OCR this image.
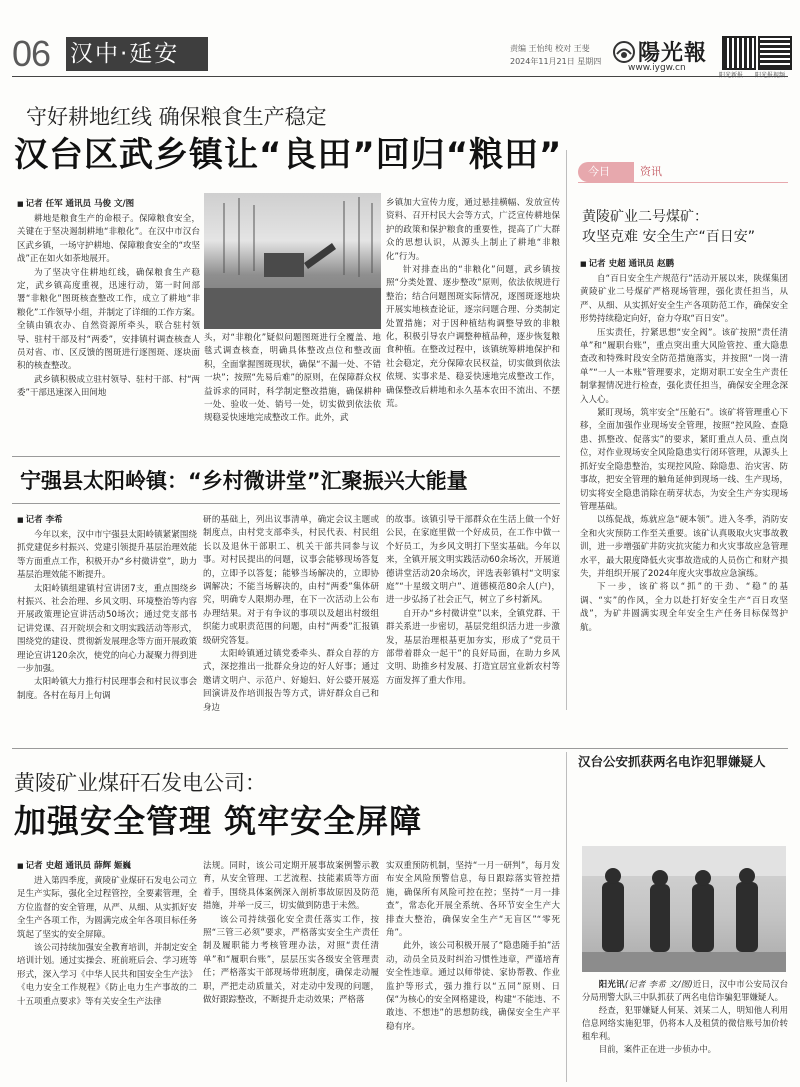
06 汉中·延安	责编 王怡纯 校对 王斐
2024年11月21日 星期四 陽光報
www.iygw.cn
守好耕地红线 确保粮食生产稳定
汉台区武乡镇让“良田”回归“粮田”
■ 记者 任军 通讯员 马俊 文/图

耕地是粮食生产的命根子。保障粮食安全，关键在于坚决遏制耕地“非粮化”。在汉中市汉台区武乡镇，一场守护耕地、保障粮食安全的“攻坚战”正在如火如荼地展开。

为了坚决守住耕地红线，确保粮食生产稳定，武乡镇高度重视，迅速行动，第一时间部署“非粮化”图斑核查整改工作，成立了耕地“非粮化”工作领导小组，并制定了详细的工作方案。全镇由镇农办、自然资源所牵头，联合驻村领导、驻村干部及村“两委”，安排镇村调查核查人员对省、市、区反馈的图斑进行逐图斑、逐块面积的核查整改。

武乡镇积极成立驻村领导、驻村干部、村“两委”干部迅速深入田间地

头，对“非粮化”疑似问题图斑进行全覆盖、地毯式调查核查，明确具体整改点位和整改面积，全面掌握图斑现状，确保“不漏一处、不错一块”；按照“先易后难”的原则，在保障群众权益诉求的同时，科学制定整改措施，确保耕种一处、验收一处、销号一处，切实做到依法依规稳妥快速地完成整改工作。此外，武

乡镇加大宣传力度，通过悬挂横幅、发放宣传资料、召开村民大会等方式，广泛宣传耕地保护的政策和保护粮食的重要性，提高了广大群众的思想认识，从源头上制止了耕地“非粮化”行为。

针对排查出的“非粮化”问题，武乡镇按照“分类处置、逐步整改”原则，依法依规进行整治；结合问题图斑实际情况，逐图斑逐地块开展实地核查论证，逐宗问题合理、分类制定处置措施；对于因种植结构调整导致的非粮化，积极引导农户调整种植品种，逐步恢复粮食种植。在整改过程中，该镇统筹耕地保护和社会稳定，充分保障农民权益，切实做到依法依规、实事求是、稳妥快速地完成整改工作，确保整改后耕地和永久基本农田不流出、不摆荒。

今日	资讯
黄陵矿业二号煤矿：
攻坚克难 安全生产“百日安”
■ 记者 史超 通讯员 赵鹏

自“百日安全生产规范行”活动开展以来，陕煤集团黄陵矿业二号煤矿严格现场管理，强化责任担当，从严、从细、从实抓好安全生产各项防范工作，确保安全形势持续稳定向好，奋力夺取“百日安”。

压实责任，拧紧思想“安全阀”。该矿按照“责任清单”和“履职台账”，重点突出重大风险管控、重大隐患查改和特殊时段安全防范措施落实，并按照“一岗一清单”“一人一本账”管理要求，定期对职工安全生产责任制掌握情况进行检查，强化责任担当，确保安全理念深入人心。

紧盯现场，筑牢安全“压舱石”。该矿将管理重心下移，全面加强作业现场安全管理，按照“控风险、查隐患、抓整改、促落实”的要求，紧盯重点人员、重点岗位，对作业现场安全风险隐患实行闭环管理，从源头上抓好安全隐患整治，实现控风险、除隐患、治灾害、防事故，把安全管理的触角延伸到现场一线、生产现场，切实将安全隐患消除在萌芽状态，为安全生产夯实现场管理基础。

以练促战，炼就应急“硬本领”。进入冬季，消防安全和火灾预防工作至关重要。该矿认真吸取火灾事故教训，进一步增强矿井防灾抗灾能力和火灾事故应急管理水平，最大限度降低火灾事故造成的人员伤亡和财产损失，并组织开展了2024年度火灾事故应急演练。

下一步，该矿将以“抓”的干劲、“稳”的基调、“实”的作风，全力以赴打好安全生产“百日攻坚战”，为矿井圆满实现全年安全生产任务目标保驾护航。

宁强县太阳岭镇：“乡村微讲堂”汇聚振兴大能量
■ 记者 李希

今年以来，汉中市宁强县太阳岭镇紧紧围绕抓党建促乡村振兴、党建引领提升基层治理效能等方面重点工作，积极开办“乡村微讲堂”，助力基层治理效能不断提升。

太阳岭镇组建镇村宣讲团7支，重点围绕乡村振兴、社会治理、乡风文明、环境整治等内容开展政策理论宣讲活动50场次；通过党支部书记讲党课、召开院坝会和文明实践活动等形式，围绕党的建设、贯彻新发展理念等方面开展政策理论宣讲120余次，使党的向心力凝聚力得到进一步加强。

太阳岭镇大力推行村民理事会和村民议事会制度。各村在每月上旬调

研的基础上，列出议事清单，确定会议主题或制度点，由村党支部牵头，村民代表、村民组长以及退休干部职工、机关干部共同参与议事。对村民提出的问题，议事会能够现场答复的，立即予以答复；能够当场解决的，立即协调解决；不能当场解决的，由村“两委”集体研究，明确专人限期办理，在下一次活动上公布办理结果。对于有争议的事项以及超出村级组织能力或职责范围的问题，由村“两委”汇报镇级研究答复。

太阳岭镇通过镇党委牵头、群众自荐的方式，深挖推出一批群众身边的好人好事；通过邀请文明户、示范户、好媳妇、好公婆开展巡回演讲及作培训报告等方式，讲好群众自己和身边

的故事。该镇引导干部群众在生活上做一个好公民，在家庭里做一个好成员，在工作中做一个好员工，为乡风文明打下坚实基础。今年以来，全镇开展文明实践活动60余场次，开展道德讲堂活动20余场次，评选表彰镇村“文明家庭”“十星级文明户”、道德模范80余人(户)，进一步弘扬了社会正气，树立了乡村新风。

自开办“乡村微讲堂”以来，全镇党群、干群关系进一步密切，基层党组织活力进一步激发，基层治理根基更加夯实，形成了“党员干部带着群众一起干”的良好局面，在助力乡风文明、助推乡村发展、打造宜居宜业新农村等方面发挥了重大作用。

黄陵矿业煤矸石发电公司：
加强安全管理 筑牢安全屏障
■ 记者 史超 通讯员 薛辉 姬巍

进入第四季度，黄陵矿业煤矸石发电公司立足生产实际，强化全过程管控，全要素管理，全方位监督的安全管理，从严、从细、从实抓好安全生产各项工作，为圆满完成全年各项目标任务筑起了坚实的安全屏障。

该公司持续加强安全教育培训，并制定安全培训计划。通过实操会、班前班后会、学习班等形式，深入学习《中华人民共和国安全生产法》《电力安全工作规程》《防止电力生产事故的二十五项重点要求》等有关安全生产法律

法规。同时，该公司定期开展事故案例警示教育，从安全管理、工艺流程、技能素质等方面着手，围绕具体案例深入剖析事故原因及防范措施，并举一反三，切实做到防患于未然。

该公司持续强化安全责任落实工作，按照“三管三必须”要求，严格落实安全生产责任制及履职能力考核管理办法，对照“责任清单”和“履职台账”，层层压实各级安全管理责任；严格落实干部现场带班制度，确保走动履职，严把走动质量关，对走动中发现的问题，做好跟踪整改，不断提升走动效果；严格落

实双重预防机制，坚持“一月一研判”，每月发布安全风险预警信息，每日跟踪落实管控措施，确保所有风险可控在控；坚持“一月一排查”，常态化开展全系统、各环节安全生产大排查大整治，确保安全生产“无盲区”“零死角”。

此外，该公司积极开展了“隐患随手拍”活动，动员全员及时纠治习惯性违章，严谨培育安全性违章。通过以师带徒、家协帮教、作业监护等形式，强力推行以“五同”原则、日保“为核心的安全网格建设，构建“不能违、不敢违、不想违”的思想防线，确保安全生产平稳有序。

汉台公安抓获两名电诈犯罪嫌疑人

阳光讯(记者 李希 文/图)近日，汉中市公安局汉台分局刑警大队三中队抓获了两名电信诈骗犯罪嫌疑人。

经查，犯罪嫌疑人何某、刘某二人，明知他人利用信息网络实施犯罪，仍将本人及租赁的微信账号加价转租牟利。

目前，案件正在进一步侦办中。
